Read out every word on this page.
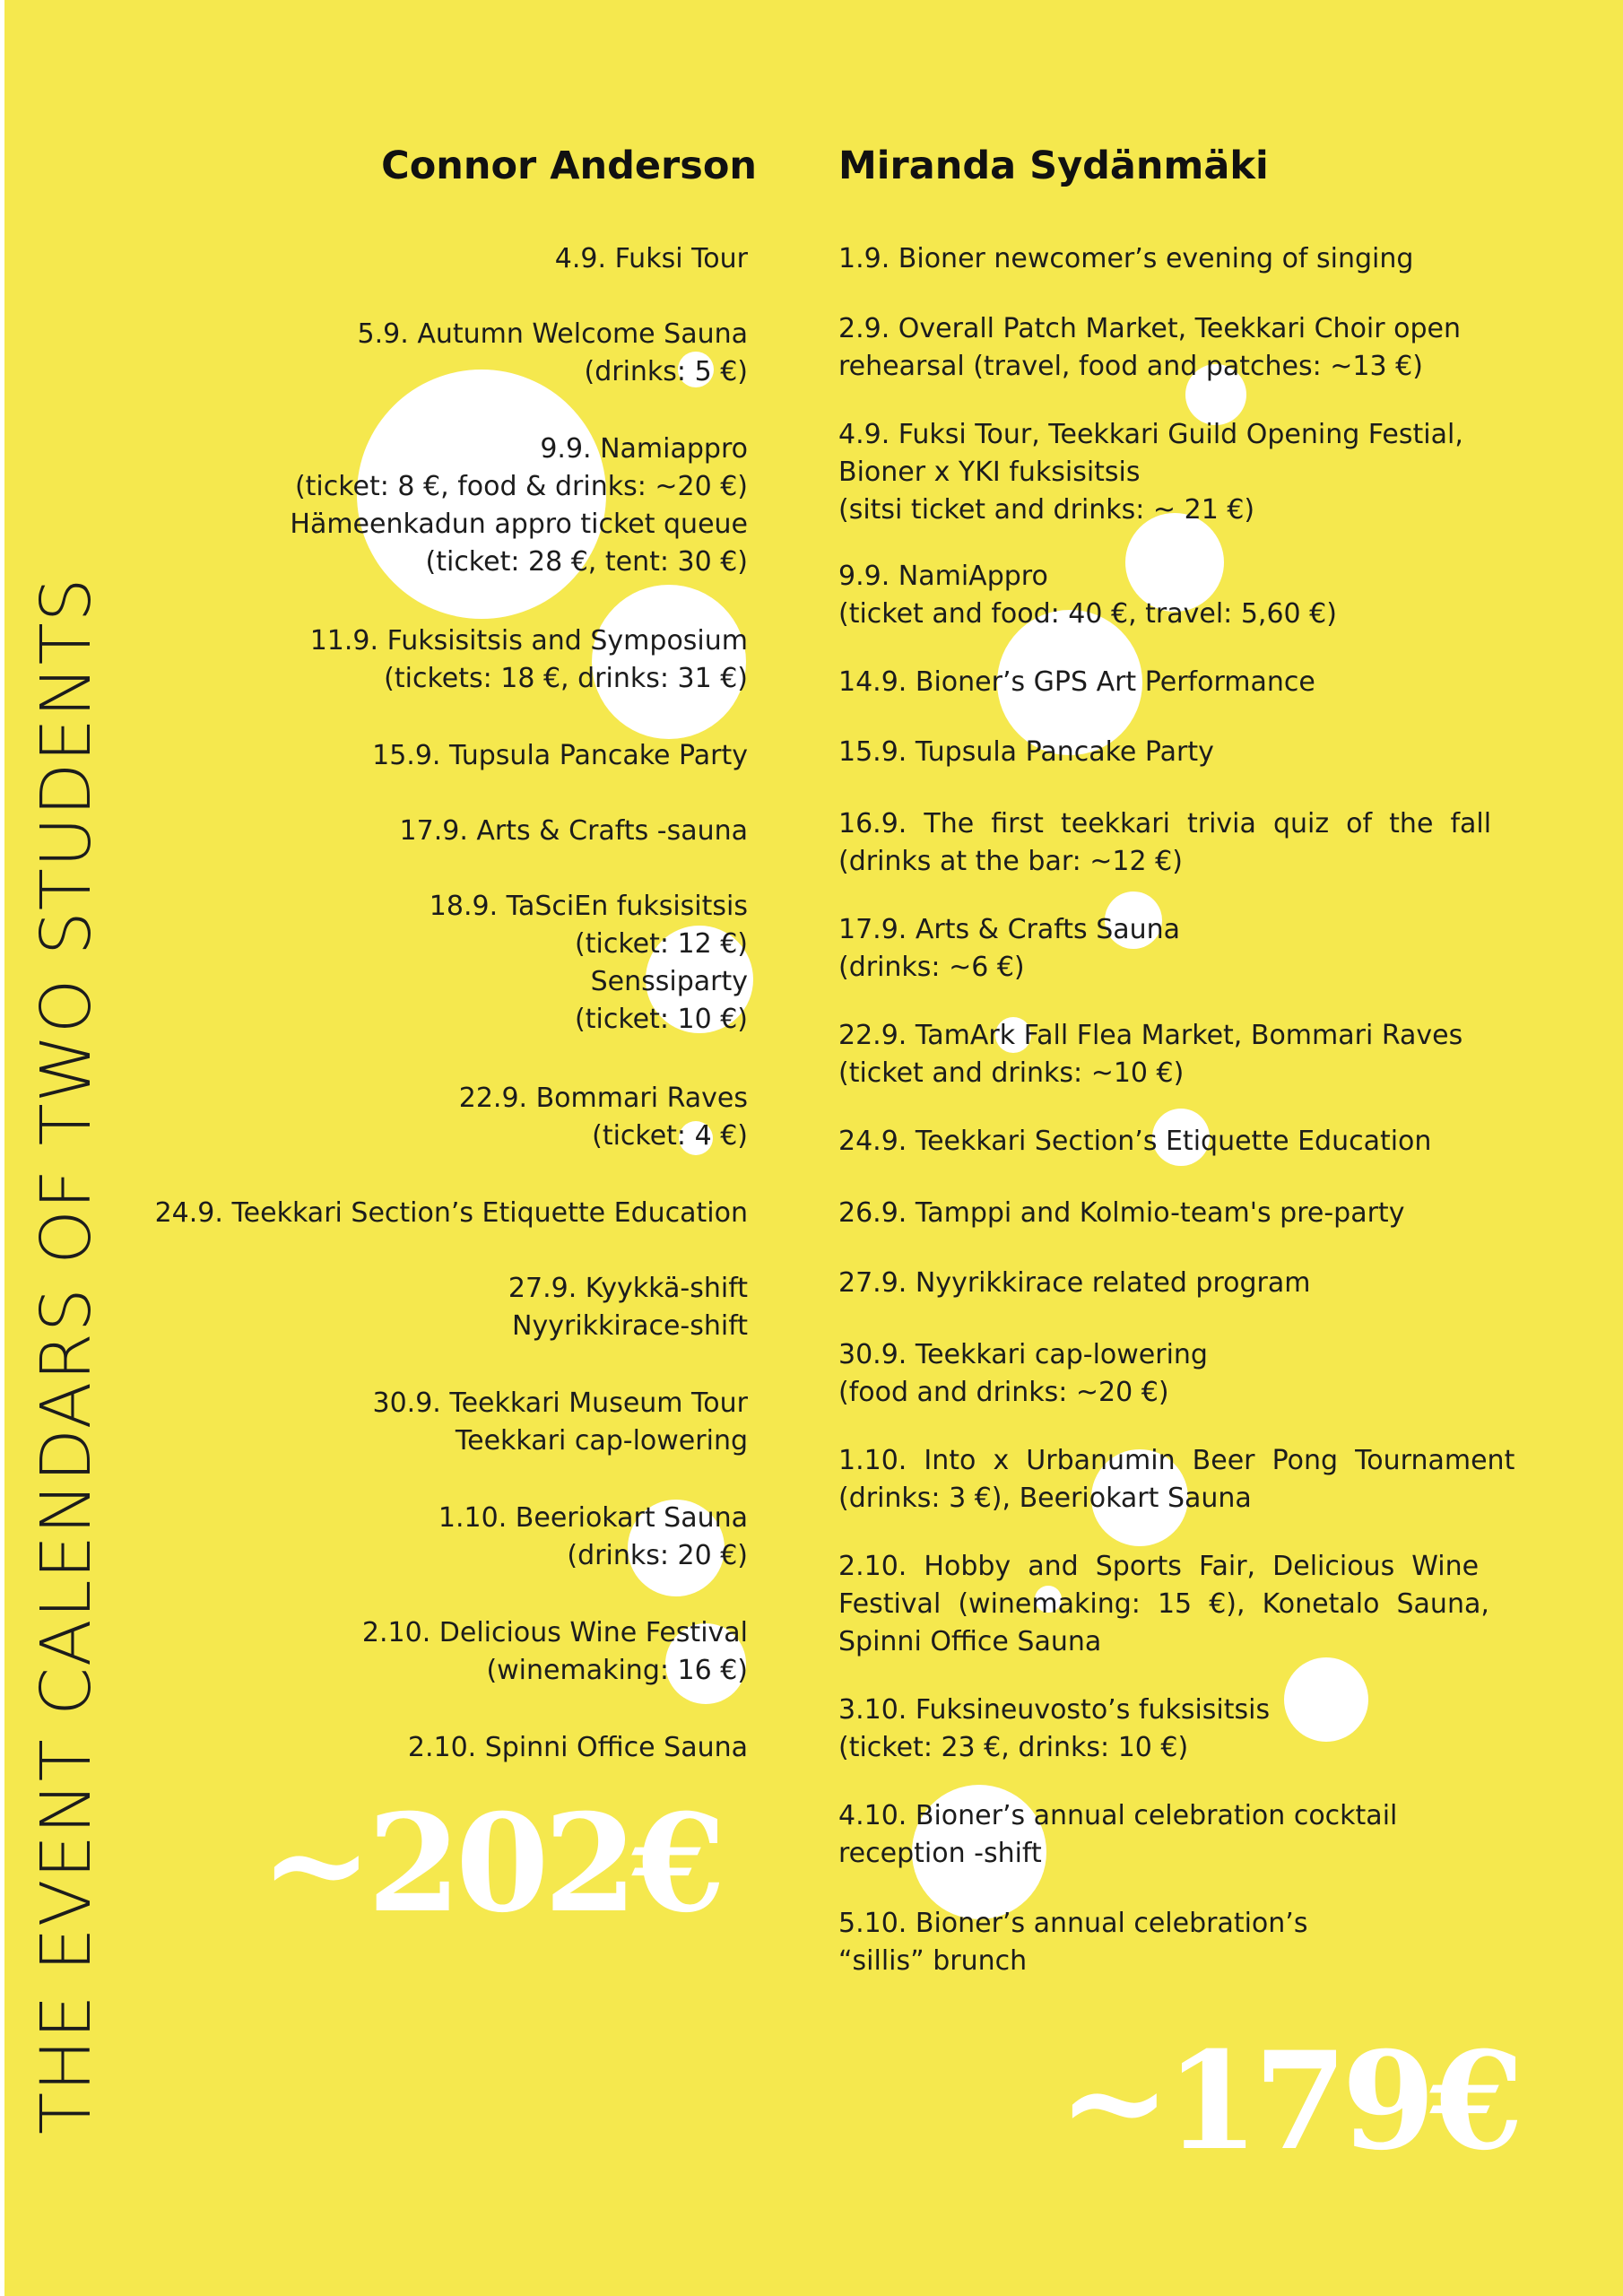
THE EVENT CALENDARS OF TWO STUDENTS
Connor Anderson Miranda Sydänmäki
4.9. Fuksi Tour
5.9. Autumn Welcome Sauna
(drinks: 5 €)
9.9. Namiappro
(ticket: 8 €, food & drinks: ~20 €)
Hämeenkadun appro ticket queue
(ticket: 28 €, tent: 30 €)
11.9. Fuksisitsis and Symposium
(tickets: 18 €, drinks: 31 €)
15.9. Tupsula Pancake Party
17.9. Arts & Crafts -sauna
18.9. TaSciEn fuksisitsis
(ticket: 12 €)
Senssiparty
(ticket: 10 €)
22.9. Bommari Raves
(ticket: 4 €)
24.9. Teekkari Section’s Etiquette Education
27.9. Kyykkä-shift
Nyyrikkirace-shift
30.9. Teekkari Museum Tour
Teekkari cap-lowering
1.10. Beeriokart Sauna
(drinks: 20 €)
2.10. Delicious Wine Festival
(winemaking: 16 €)
2.10. Spinni Office Sauna
1.9. Bioner newcomer’s evening of singing
2.9. Overall Patch Market, Teekkari Choir open
rehearsal (travel, food and patches: ~13 €)
4.9. Fuksi Tour, Teekkari Guild Opening Festial,
Bioner x YKI fuksisitsis
(sitsi ticket and drinks: ~ 21 €)
9.9. NamiAppro
(ticket and food: 40 €, travel: 5,60 €)
14.9. Bioner’s GPS Art Performance
15.9. Tupsula Pancake Party
16.9.  The  first  teekkari  trivia  quiz  of  the  fall
(drinks at the bar: ~12 €)
17.9. Arts & Crafts Sauna
(drinks: ~6 €)
22.9. TamArk Fall Flea Market, Bommari Raves
(ticket and drinks: ~10 €)
24.9. Teekkari Section’s Etiquette Education
26.9. Tamppi and Kolmio-team's pre-party
27.9. Nyyrikkirace related program
30.9. Teekkari cap-lowering
(food and drinks: ~20 €)
1.10.  Into  x  Urbanumin  Beer  Pong  Tournament
(drinks: 3 €), Beeriokart Sauna
2.10.  Hobby  and  Sports  Fair,  Delicious  Wine
Festival  (winemaking:  15  €),  Konetalo  Sauna,
Spinni Office Sauna
3.10. Fuksineuvosto’s fuksisitsis
(ticket: 23 €, drinks: 10 €)
4.10. Bioner’s annual celebration cocktail
reception -shift
5.10. Bioner’s annual celebration’s
“sillis” brunch
~202€
~179€
